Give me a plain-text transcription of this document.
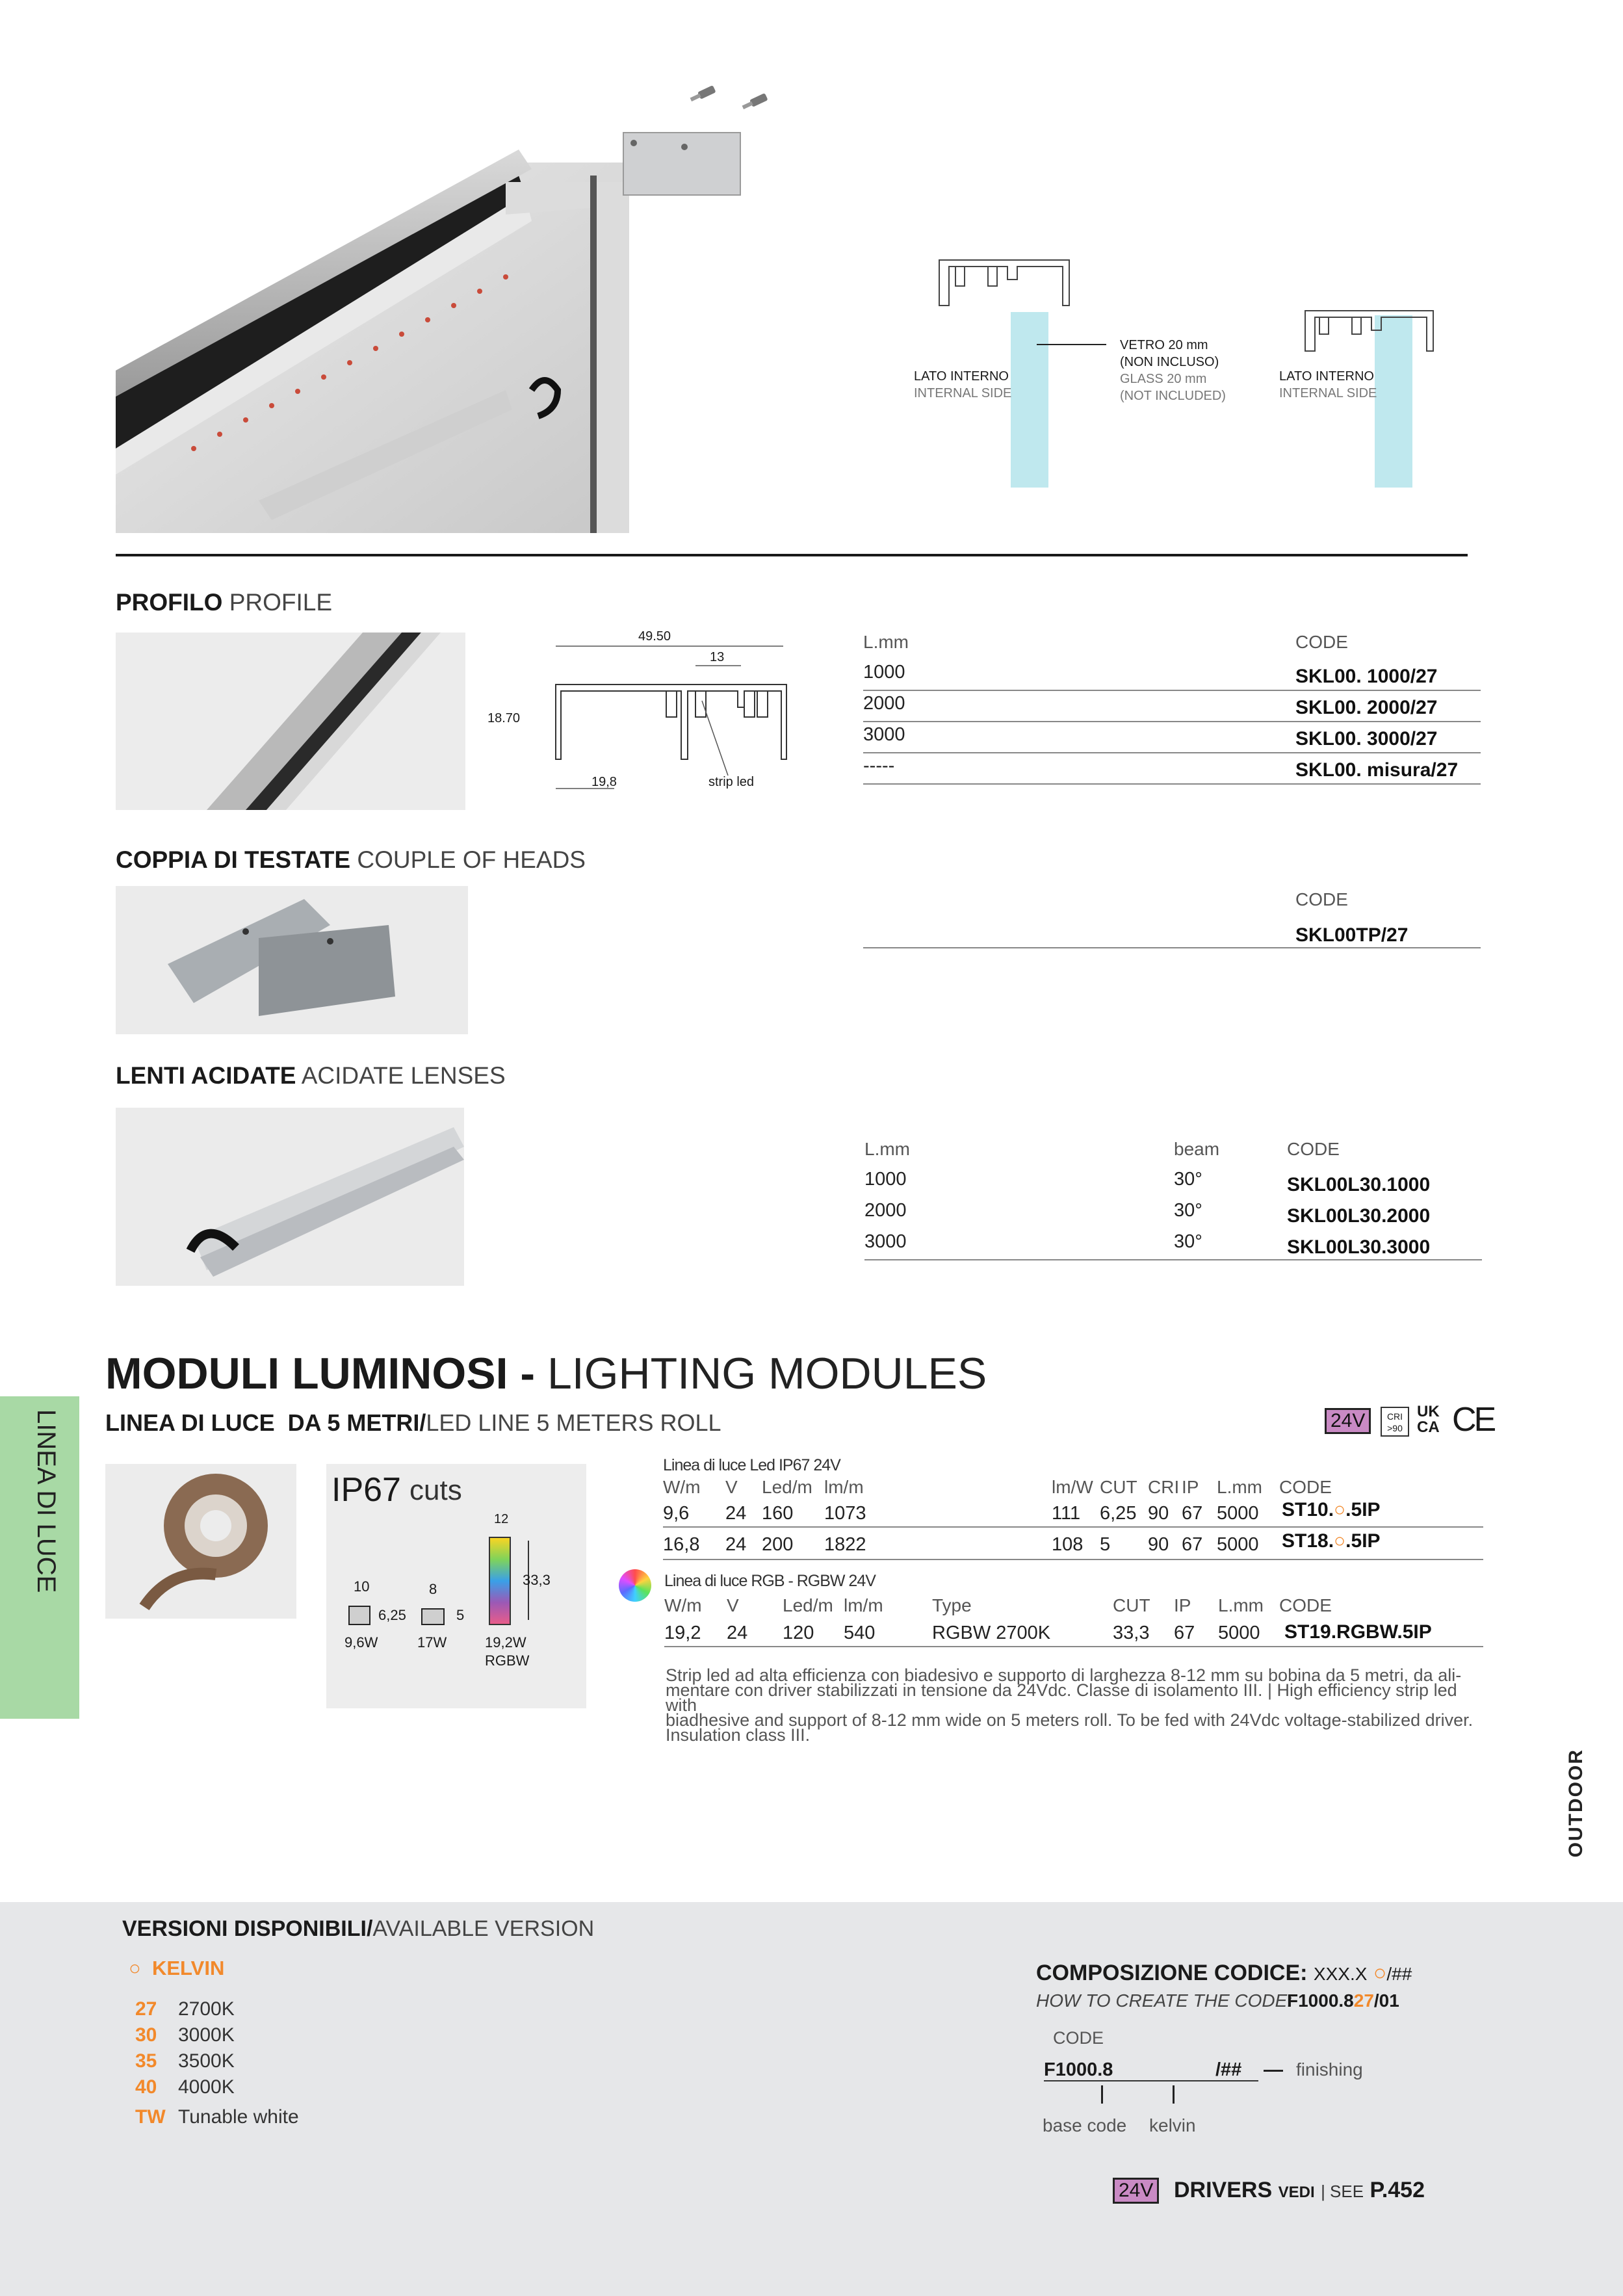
LATO INTERNO
INTERNAL SIDE
VETRO 20 mm
(NON INCLUSO)
GLASS 20 mm
(NOT INCLUDED)
LATO INTERNO
INTERNAL SIDE
PROFILO PROFILE
49.50
13
18.70
19,8	strip led
L.mm	CODE
1000	SKL00. 1000/27
2000	SKL00. 2000/27
3000	SKL00. 3000/27
-----	SKL00. misura/27
COPPIA DI TESTATE COUPLE OF HEADS
CODE
SKL00TP/27
LENTI ACIDATE ACIDATE LENSES
L.mm	beam	CODE
1000	30°	SKL00L30.1000
2000	30°	SKL00L30.2000
3000	30°	SKL00L30.3000
MODULI LUMINOSI - LIGHTING MODULES
LINEA DI LUCE  DA 5 METRI/LED LINE 5 METERS ROLL	24V	CRI
>90
UK
CA CE
LINEA DI LUCE	IP67 cuts
10
6,25
9,6W
8
5
17W
12
33,3
19,2W
RGBW
Linea di luce Led IP67 24V
W/m V Led/m lm/m	lm/W CUT CRI IP L.mm CODE
9,6 24 160 1073	111 6,25 90 67 5000 ST10.○.5IP
16,8 24 200 1822	108 5 90 67 5000 ST18.○.5IP
Linea di luce RGB - RGBW 24V
W/m V Led/m lm/m	Type	CUT IP L.mm CODE
19,2 24 120 540	RGBW 2700K	33,3 67 5000 ST19.RGBW.5IP
Strip led ad alta efficienza con biadesivo e supporto di larghezza 8-12 mm su bobina da 5 metri, da ali-
mentare con driver stabilizzati in tensione da 24Vdc. Classe di isolamento III. | High efficiency strip led with
biadhesive and support of 8-12 mm wide on 5 meters roll. To be fed with 24Vdc voltage-stabilized driver.
Insulation class III.
OUTDOOR
VERSIONI DISPONIBILI/AVAILABLE VERSION
○ KELVIN
27 2700K
30 3000K
35 3500K
40 4000K
TW Tunable white
COMPOSIZIONE CODICE: XXX.X ○/##
HOW TO CREATE THE CODE:F1000.827/01
CODE
F1000.8	/##	finishing
base code kelvin
24V DRIVERS VEDI | SEE P.452
